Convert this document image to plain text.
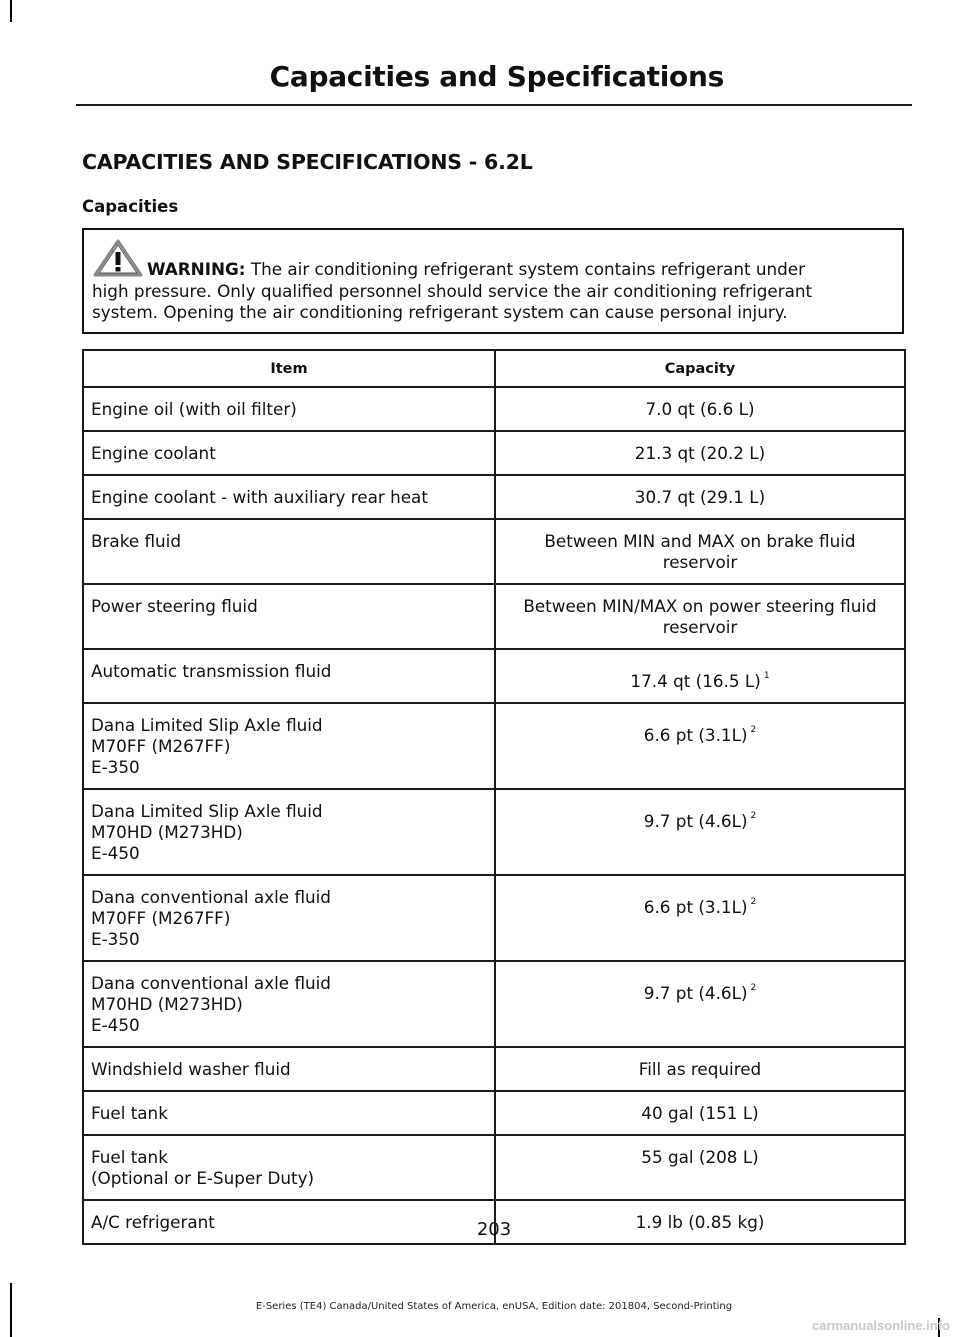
Capacities and Specifications
CAPACITIES AND SPECIFICATIONS - 6.2L
Capacities

WARNING: The air conditioning refrigerant system contains refrigerant under
high pressure. Only qualified personnel should service the air conditioning refrigerant
system. Opening the air conditioning refrigerant system can cause personal injury.

Item	Capacity

Engine oil (with oil filter)	7.0 qt (6.6 L)

Engine coolant	21.3 qt (20.2 L)

Engine coolant - with auxiliary rear heat	30.7 qt (29.1 L)

Brake fluid	Between MIN and MAX on brake fluid
reservoir

Power steering fluid	Between MIN/MAX on power steering fluid
reservoir

Automatic transmission fluid	17.4 qt (16.5 L) $^1$

Dana Limited Slip Axle fluid
M70FF (M267FF)
E-350	6.6 pt (3.1L) $^2$

Dana Limited Slip Axle fluid
M70HD (M273HD)
E-450	9.7 pt (4.6L) $^2$

Dana conventional axle fluid
M70FF (M267FF)
E-350	6.6 pt (3.1L) $^2$

Dana conventional axle fluid
M70HD (M273HD)
E-450	9.7 pt (4.6L) $^2$

Windshield washer fluid	Fill as required

Fuel tank	40 gal (151 L)

Fuel tank
(Optional or E-Super Duty)	55 gal (208 L)

A/C refrigerant	1.9 lb (0.85 kg)
203
E-Series (TE4) Canada/United States of America, enUSA, Edition date: 201804, Second-Printing
carmanualsonline.info
